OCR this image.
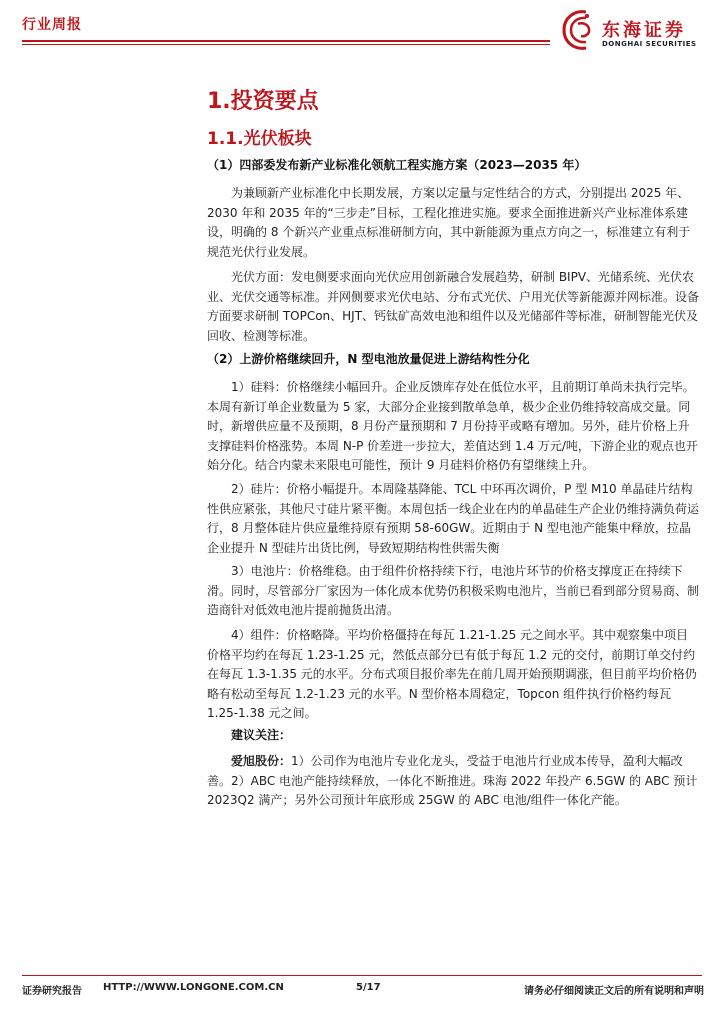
行业周报	东海证券
DONGHAI SECURITIES
1.投资要点
1.1.光伏板块
（1）四部委发布新产业标准化领航工程实施方案（2023—2035 年）
为兼顾新产业标准化中长期发展，方案以定量与定性结合的方式，分别提出 2025 年、2030 年和 2035 年的“三步走”目标，工程化推进实施。要求全面推进新兴产业标准体系建设，明确的 8 个新兴产业重点标准研制方向，其中新能源为重点方向之一，标准建立有利于规范光伏行业发展。
光伏方面：发电侧要求面向光伏应用创新融合发展趋势，研制 BIPV、光储系统、光伏农业、光伏交通等标准。并网侧要求光伏电站、分布式光伏、户用光伏等新能源并网标准。设备方面要求研制 TOPCon、HJT、钙钛矿高效电池和组件以及光储部件等标准，研制智能光伏及回收、检测等标准。
（2）上游价格继续回升，N 型电池放量促进上游结构性分化
1）硅料：价格继续小幅回升。企业反馈库存处在低位水平，且前期订单尚未执行完毕。本周有新订单企业数量为 5 家，大部分企业接到散单急单，极少企业仍维持较高成交量。同时，新增供应量不及预期，8 月份产量预期和 7 月份持平或略有增加。另外，硅片价格上升支撑硅料价格涨势。本周 N-P 价差进一步拉大，差值达到 1.4 万元/吨，下游企业的观点也开始分化。结合内蒙未来限电可能性，预计 9 月硅料价格仍有望继续上升。
2）硅片：价格小幅提升。本周隆基降能、TCL 中环再次调价，P 型 M10 单晶硅片结构性供应紧张，其他尺寸硅片紧平衡。本周包括一线企业在内的单晶硅生产企业仍维持满负荷运行，8 月整体硅片供应量维持原有预期 58-60GW。近期由于 N 型电池产能集中释放，拉晶企业提升 N 型硅片出货比例，导致短期结构性供需失衡
3）电池片：价格维稳。由于组件价格持续下行，电池片环节的价格支撑度正在持续下滑。同时，尽管部分厂家因为一体化成本优势仍积极采购电池片，当前已看到部分贸易商、制造商针对低效电池片提前抛货出清。
4）组件：价格略降。平均价格僵持在每瓦 1.21-1.25 元之间水平。其中观察集中项目价格平均约在每瓦 1.23-1.25 元，然低点部分已有低于每瓦 1.2 元的交付，前期订单交付约在每瓦 1.3-1.35 元的水平。分布式项目报价率先在前几周开始预期调涨，但目前平均价格仍略有松动至每瓦 1.2-1.23 元的水平。N 型价格本周稳定，Topcon 组件执行价格约每瓦 1.25-1.38 元之间。
建议关注：
爱旭股份：1）公司作为电池片专业化龙头，受益于电池片行业成本传导，盈利大幅改善。2）ABC 电池产能持续释放，一体化不断推进。珠海 2022 年投产 6.5GW 的 ABC 预计 2023Q2 满产；另外公司预计年底形成 25GW 的 ABC 电池/组件一体化产能。
证券研究报告 HTTP://WWW.LONGONE.COM.CN	5/17	请务必仔细阅读正文后的所有说明和声明
